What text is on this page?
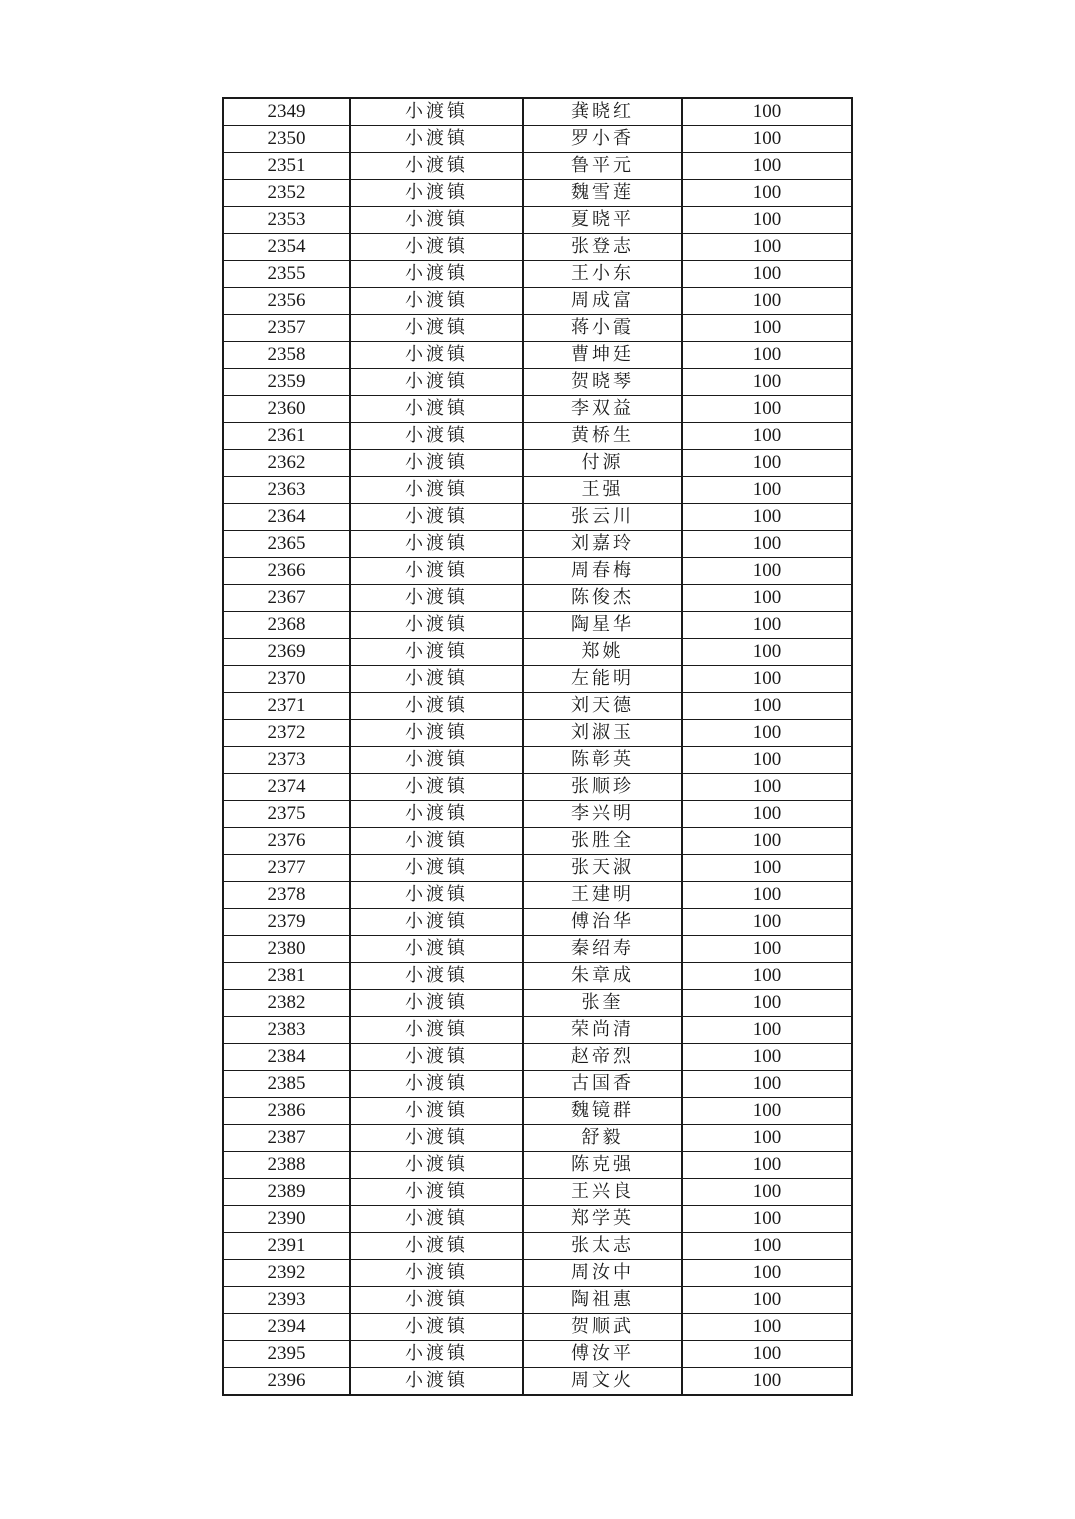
2349	小渡镇	龚晓红	100
2350	小渡镇	罗小香	100
2351	小渡镇	鲁平元	100
2352	小渡镇	魏雪莲	100
2353	小渡镇	夏晓平	100
2354	小渡镇	张登志	100
2355	小渡镇	王小东	100
2356	小渡镇	周成富	100
2357	小渡镇	蒋小霞	100
2358	小渡镇	曹坤廷	100
2359	小渡镇	贺晓琴	100
2360	小渡镇	李双益	100
2361	小渡镇	黄桥生	100
2362	小渡镇	付源	100
2363	小渡镇	王强	100
2364	小渡镇	张云川	100
2365	小渡镇	刘嘉玲	100
2366	小渡镇	周春梅	100
2367	小渡镇	陈俊杰	100
2368	小渡镇	陶星华	100
2369	小渡镇	郑姚	100
2370	小渡镇	左能明	100
2371	小渡镇	刘天德	100
2372	小渡镇	刘淑玉	100
2373	小渡镇	陈彰英	100
2374	小渡镇	张顺珍	100
2375	小渡镇	李兴明	100
2376	小渡镇	张胜全	100
2377	小渡镇	张天淑	100
2378	小渡镇	王建明	100
2379	小渡镇	傅治华	100
2380	小渡镇	秦绍寿	100
2381	小渡镇	朱章成	100
2382	小渡镇	张奎	100
2383	小渡镇	荣尚清	100
2384	小渡镇	赵帝烈	100
2385	小渡镇	古国香	100
2386	小渡镇	魏镜群	100
2387	小渡镇	舒毅	100
2388	小渡镇	陈克强	100
2389	小渡镇	王兴良	100
2390	小渡镇	郑学英	100
2391	小渡镇	张太志	100
2392	小渡镇	周汝中	100
2393	小渡镇	陶祖惠	100
2394	小渡镇	贺顺武	100
2395	小渡镇	傅汝平	100
2396	小渡镇	周文火	100
